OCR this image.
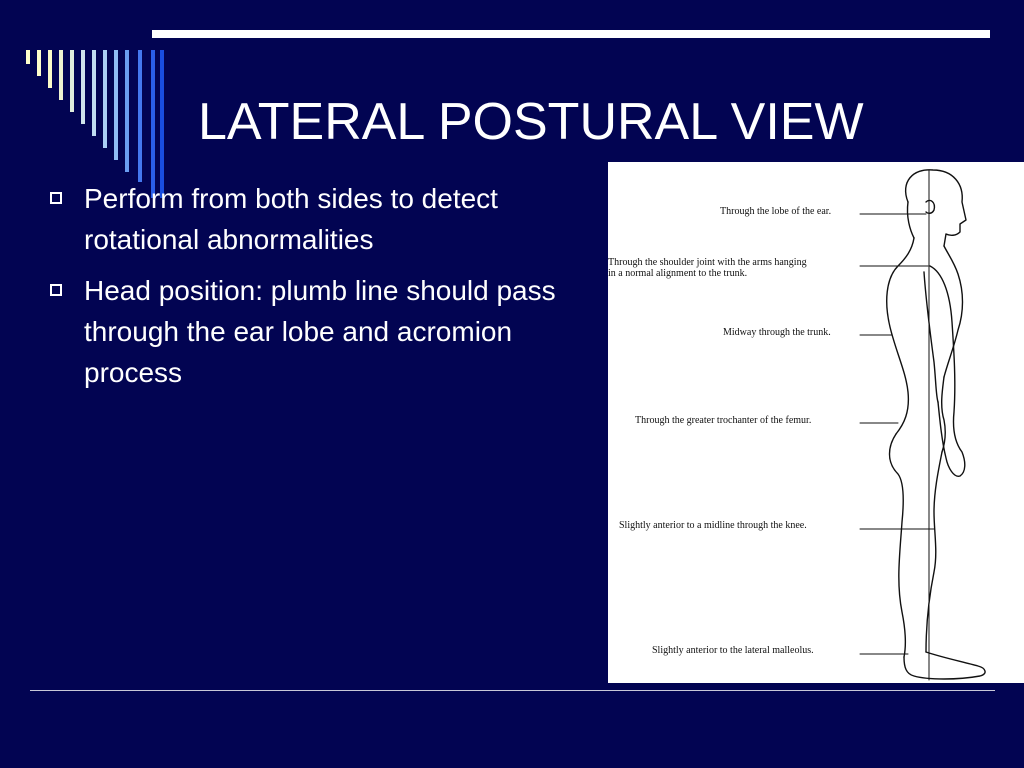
LATERAL POSTURAL VIEW
Perform from both sides to detect rotational abnormalities
Head position: plumb line should pass through the ear lobe and acromion process
Through the lobe of the ear.
Through the shoulder joint with the arms hanging
in a normal alignment to the trunk.
Midway through the trunk.
Through the greater trochanter of the femur.
Slightly anterior to a midline through the knee.
Slightly anterior to the lateral malleolus.
